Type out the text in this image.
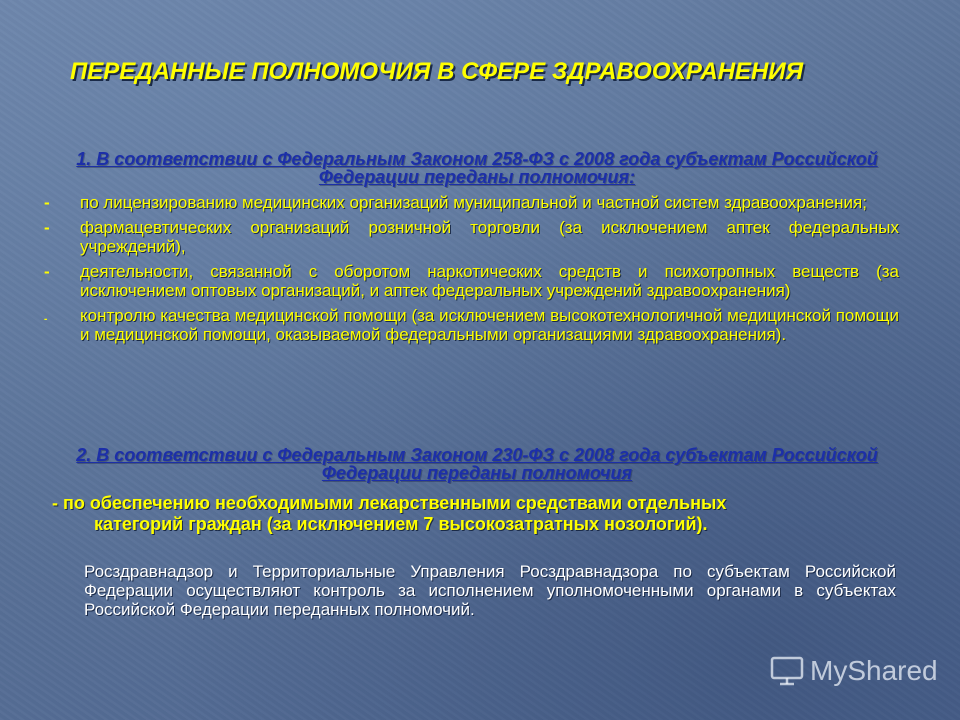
ПЕРЕДАННЫЕ ПОЛНОМОЧИЯ В СФЕРЕ ЗДРАВООХРАНЕНИЯ
1. В соответствии с Федеральным Законом 258-ФЗ с 2008 года субъектам Российской Федерации переданы полномочия:
-	по лицензированию медицинских организаций муниципальной и частной систем здравоохранения;
-	фармацевтических организаций розничной торговли (за исключением аптек федеральных учреждений),
-	деятельности, связанной с оборотом наркотических средств и психотропных веществ (за исключением оптовых организаций, и аптек федеральных учреждений здравоохранения)
-	контролю качества медицинской помощи (за исключением высокотехнологичной медицинской помощи и медицинской помощи, оказываемой федеральными организациями здравоохранения).
2. В соответствии с Федеральным Законом 230-ФЗ с 2008 года субъектам Российской Федерации переданы полномочия
- по обеспечению необходимыми лекарственными средствами отдельных
категорий граждан (за исключением 7 высокозатратных нозологий).
Росздравнадзор и Территориальные Управления Росздравнадзора по субъектам Российской Федерации осуществляют контроль за исполнением уполномоченными органами в субъектах Российской Федерации переданных полномочий.
MyShared
